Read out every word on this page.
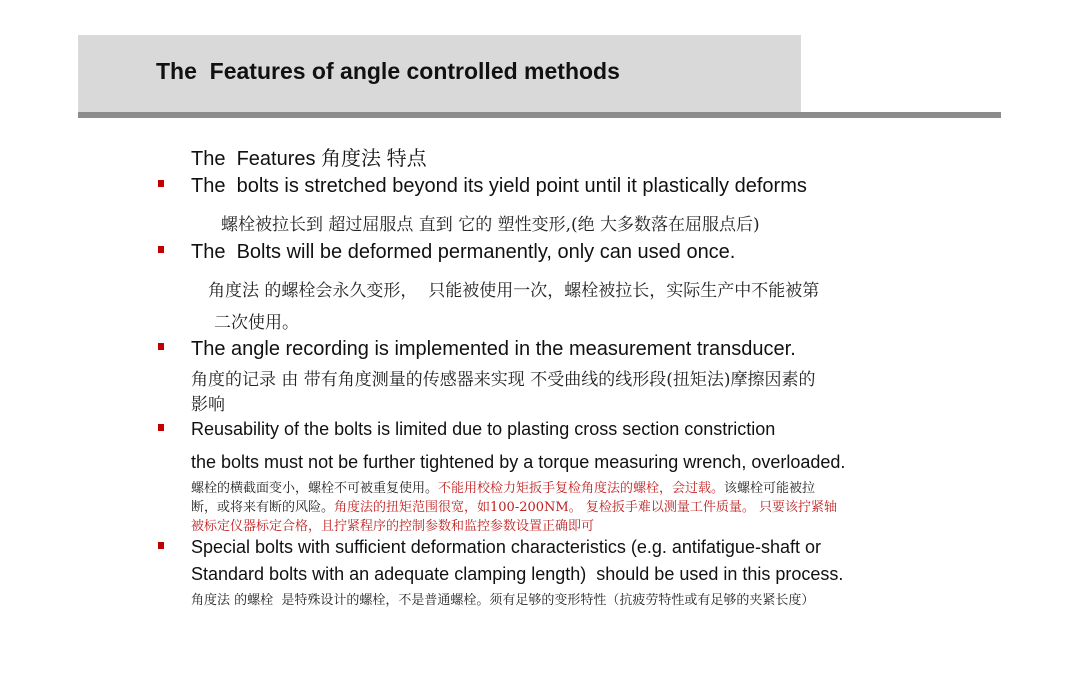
The  Features of angle controlled methods
The  Features 角度法 特点
The  bolts is stretched beyond its yield point until it plastically deforms
螺栓被拉长到 超过屈服点 直到 它的 塑性变形,(绝 大多数落在屈服点后)
The  Bolts will be deformed permanently, only can used once.
角度法 的螺栓会永久变形，  只能被使用一次，螺栓被拉长，实际生产中不能被第
二次使用。
The angle recording is implemented in the measurement transducer.
角度的记录 由 带有角度测量的传感器来实现 不受曲线的线形段(扭矩法)摩擦因素的
影响
Reusability of the bolts is limited due to plasting cross section constriction
the bolts must not be further tightened by a torque measuring wrench, overloaded.
螺栓的横截面变小，螺栓不可被重复使用。不能用校检力矩扳手复检角度法的螺栓，会过载。该螺栓可能被拉
断，或将来有断的风险。角度法的扭矩范围很宽，如100-200NM。 复检扳手难以测量工件质量。 只要该拧紧轴
被标定仪器标定合格，且拧紧程序的控制参数和监控参数设置正确即可
Special bolts with sufficient deformation characteristics (e.g. antifatigue-shaft or
Standard bolts with an adequate clamping length)  should be used in this process.
角度法 的螺栓  是特殊设计的螺栓，不是普通螺栓。须有足够的变形特性（抗疲劳特性或有足够的夹紧长度）
